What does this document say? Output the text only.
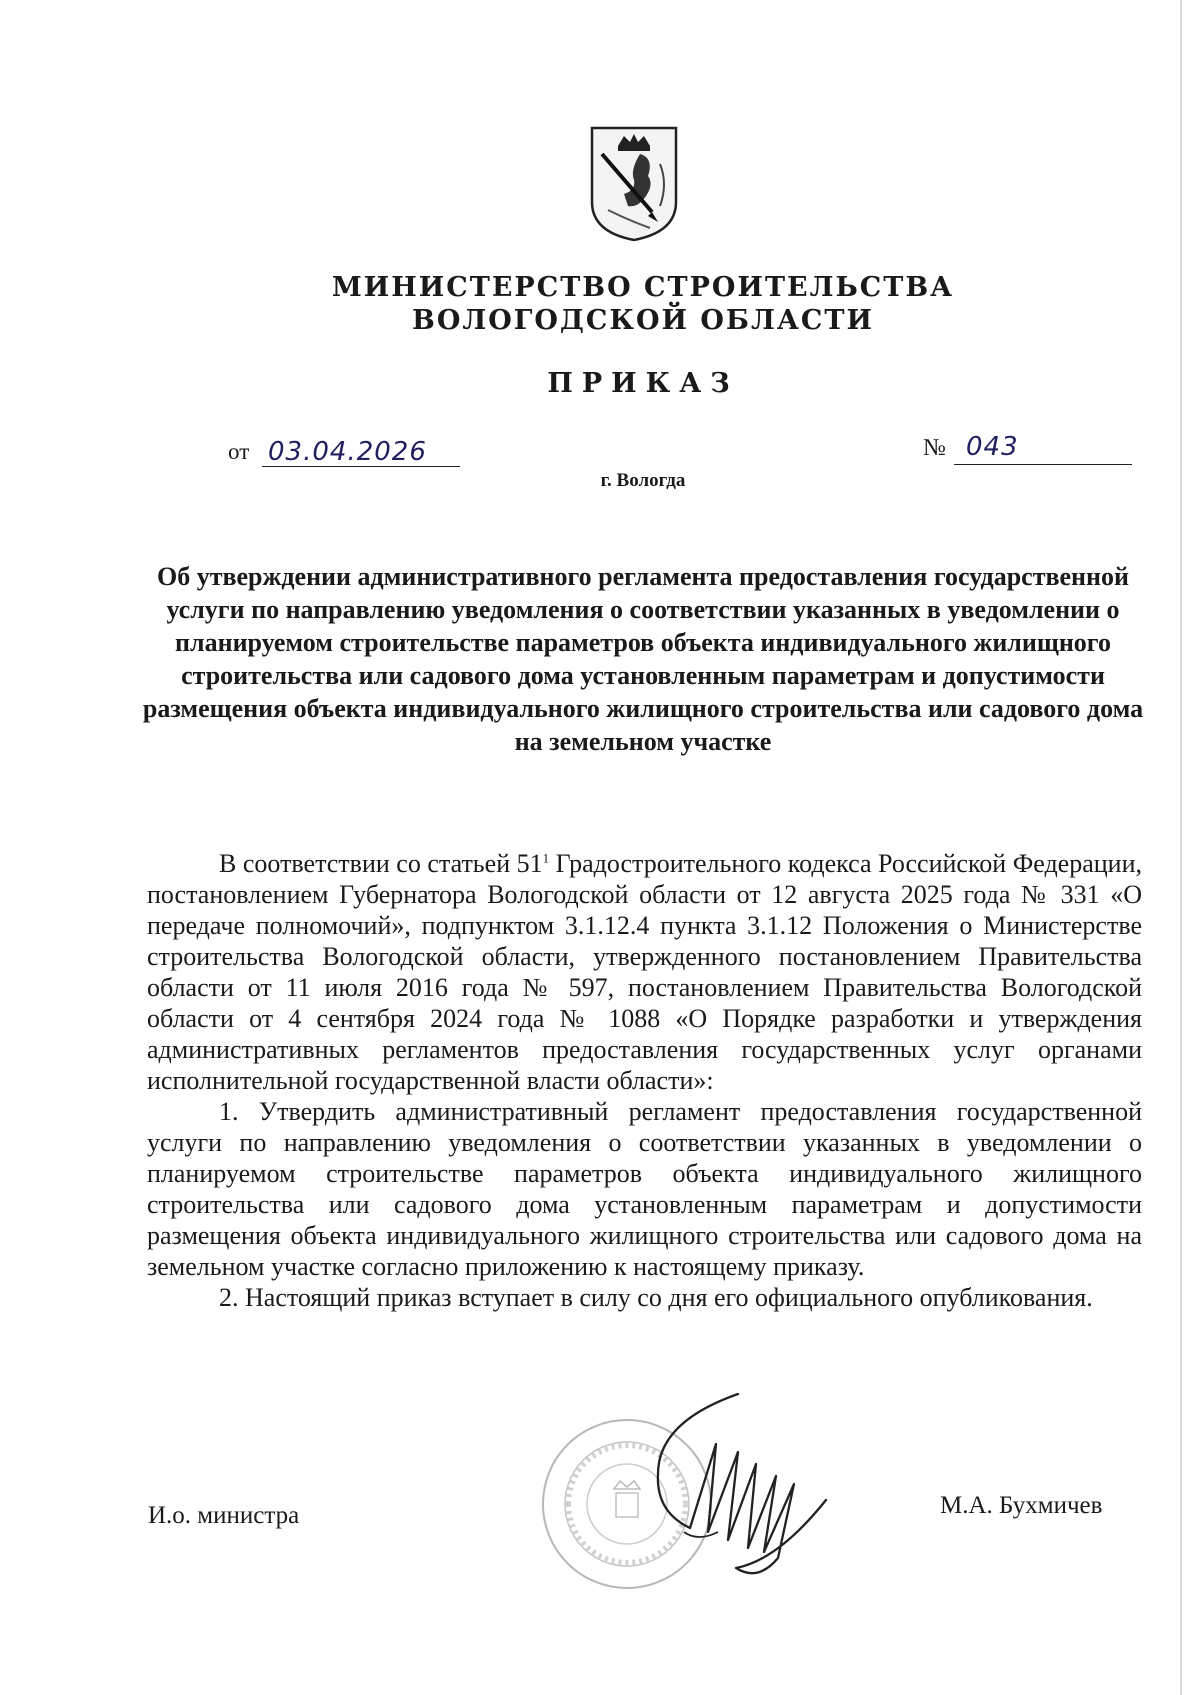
МИНИСТЕРСТВО СТРОИТЕЛЬСТВА
ВОЛОГОДСКОЙ ОБЛАСТИ
ПРИКАЗ
от 03.04.2026	№ 043
г. Вологда
Об утверждении административного регламента предоставления государственной услуги по направлению уведомления о соответствии указанных в уведомлении о планируемом строительстве параметров объекта индивидуального жилищного строительства или садового дома установленным параметрам и допустимости размещения объекта индивидуального жилищного строительства или садового дома на земельном участке

В соответствии со статьей $51^1$ Градостроительного кодекса Российской Федерации, постановлением Губернатора Вологодской области от 12 августа 2025 года № 331 «О передаче полномочий», подпунктом 3.1.12.4 пункта 3.1.12 Положения о Министерстве строительства Вологодской области, утвержденного постановлением Правительства области от 11 июля 2016 года № 597, постановлением Правительства Вологодской области от 4 сентября 2024 года № 1088 «О Порядке разработки и утверждения административных регламентов предоставления государственных услуг органами исполнительной государственной власти области»:

1. Утвердить административный регламент предоставления государственной услуги по направлению уведомления о соответствии указанных в уведомлении о планируемом строительстве параметров объекта индивидуального жилищного строительства или садового дома установленным параметрам и допустимости размещения объекта индивидуального жилищного строительства или садового дома на земельном участке согласно приложению к настоящему приказу.

2. Настоящий приказ вступает в силу со дня его официального опубликования.

И.о. министра	М.А. Бухмичев
